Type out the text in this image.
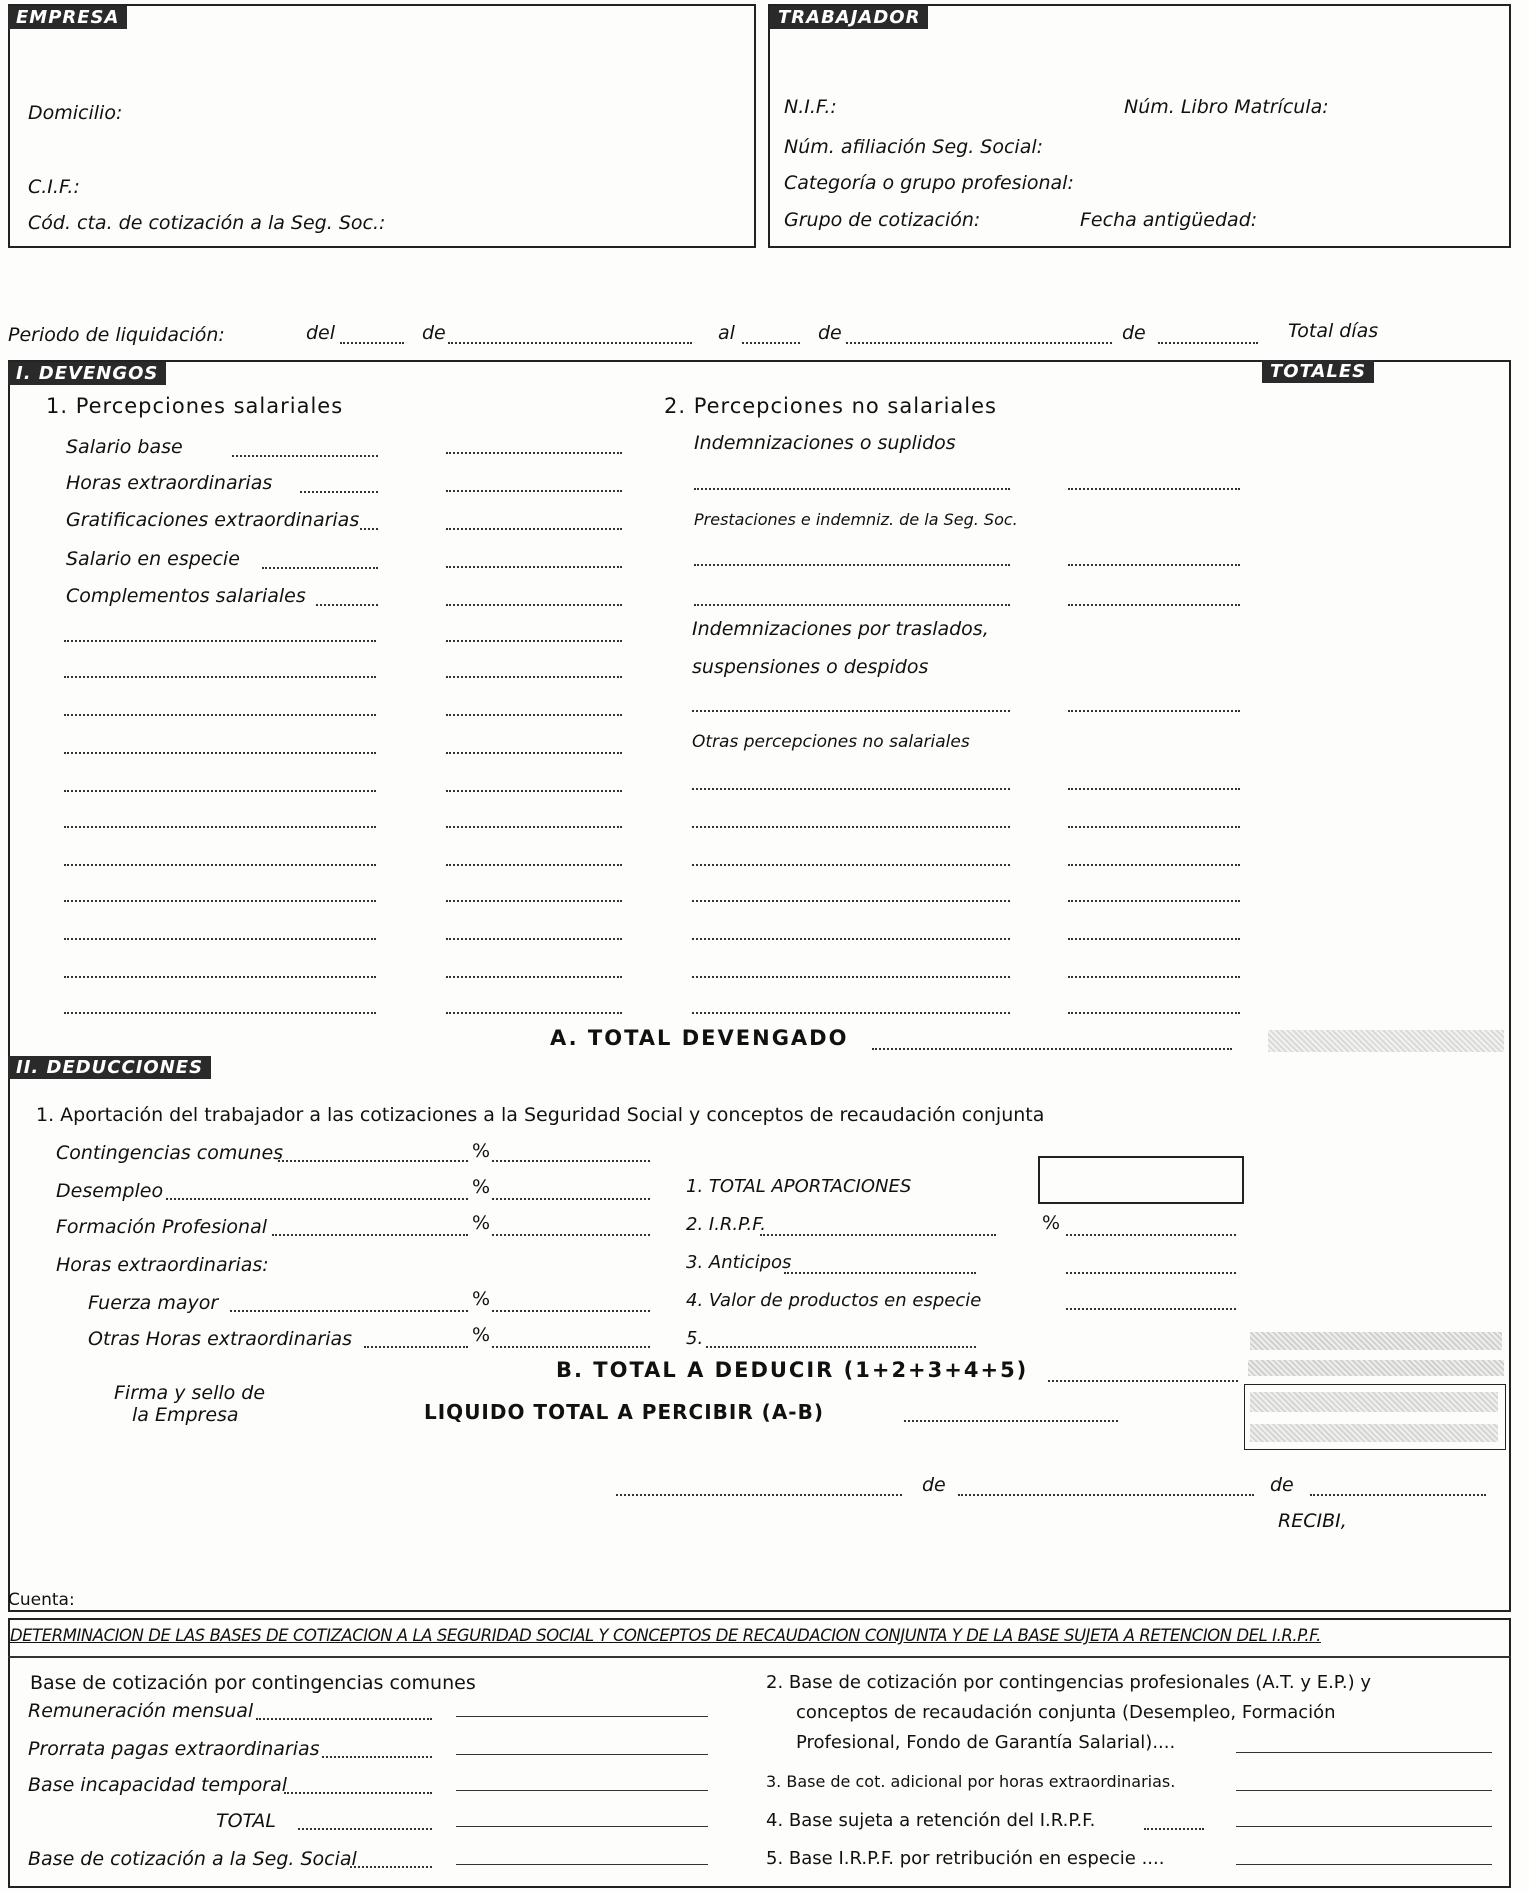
EMPRESA
Domicilio:
C.I.F.:
Cód. cta. de cotización a la Seg. Soc.:
TRABAJADOR
N.I.F.:	Núm. Libro Matrícula:
Núm. afiliación Seg. Social:
Categoría o grupo profesional:
Grupo de cotización:	Fecha antigüedad:
Periodo de liquidación:	del	de	al	de	de	Total días
I. DEVENGOS	TOTALES
1. Percepciones salariales
Salario base
Horas extraordinarias
Gratificaciones extraordinarias
Salario en especie
Complementos salariales
2. Percepciones no salariales
Indemnizaciones o suplidos
Prestaciones e indemniz. de la Seg. Soc.
Indemnizaciones por traslados,
suspensiones o despidos
Otras percepciones no salariales
A. TOTAL DEVENGADO
II. DEDUCCIONES
1. Aportación del trabajador a las cotizaciones a la Seguridad Social y conceptos de recaudación conjunta
Contingencias comunes	%
Desempleo	%
Formación Profesional	%
Horas extraordinarias:
Fuerza mayor	%
Otras Horas extraordinarias	%
1. TOTAL APORTACIONES
2. I.R.P.F.	%
3. Anticipos
4. Valor de productos en especie
5.
B. TOTAL A DEDUCIR (1+2+3+4+5)
Firma y sello de
la Empresa	LIQUIDO TOTAL A PERCIBIR (A-B)
de	de
RECIBI,
Cuenta:
DETERMINACION DE LAS BASES DE COTIZACION A LA SEGURIDAD SOCIAL Y CONCEPTOS DE RECAUDACION CONJUNTA Y DE LA BASE SUJETA A RETENCION DEL I.R.P.F.
Base de cotización por contingencias comunes
Remuneración mensual
Prorrata pagas extraordinarias
Base incapacidad temporal
TOTAL
Base de cotización a la Seg. Social
2. Base de cotización por contingencias profesionales (A.T. y E.P.) y
conceptos de recaudación conjunta (Desempleo, Formación
Profesional, Fondo de Garantía Salarial)....
3. Base de cot. adicional por horas extraordinarias.
4. Base sujeta a retención del I.R.P.F.
5. Base I.R.P.F. por retribución en especie ....
